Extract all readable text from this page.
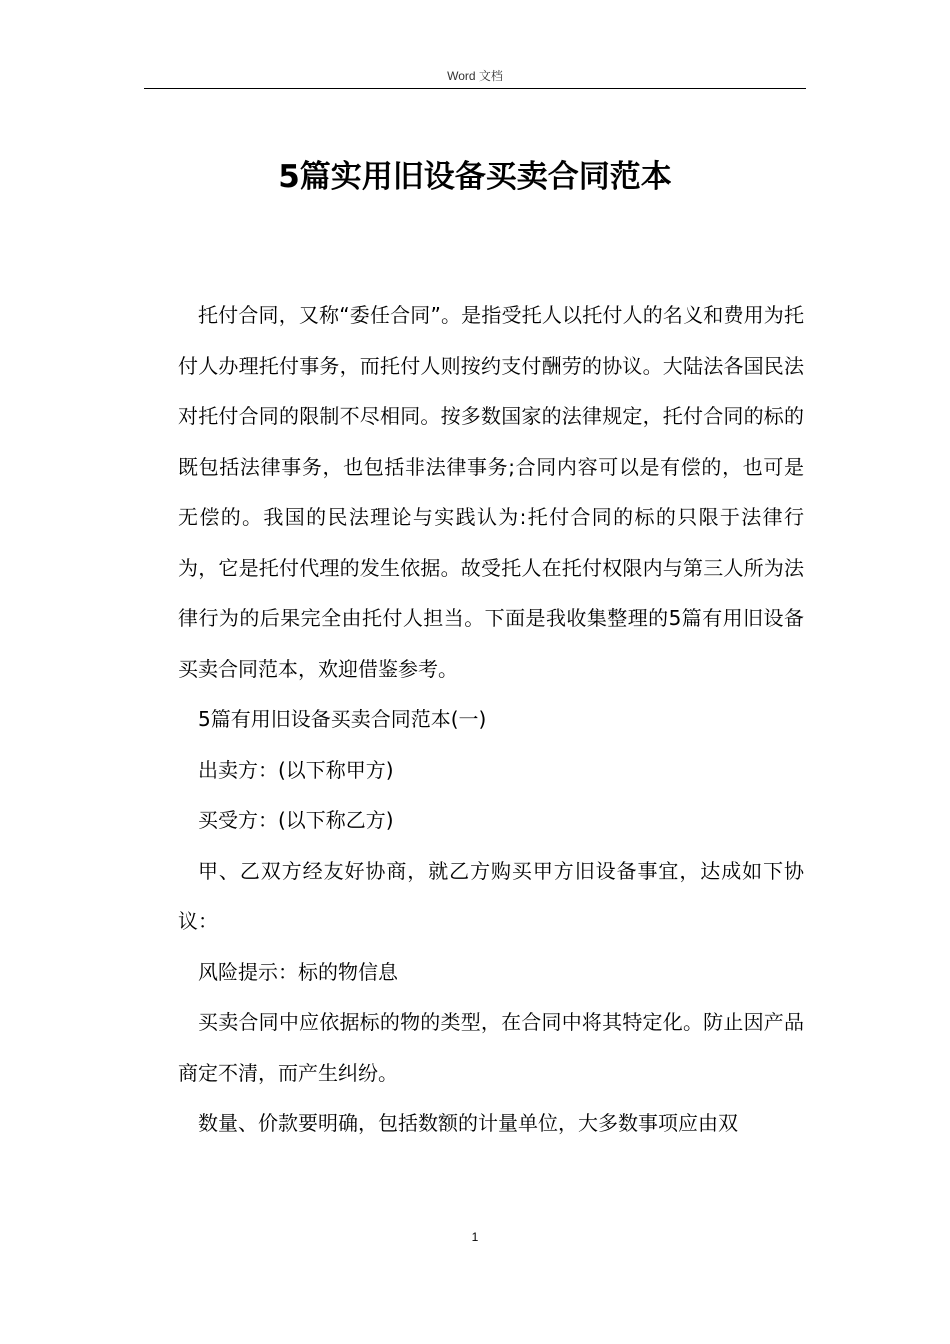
Word 文档
5篇实用旧设备买卖合同范本

托付合同，又称“委任合同”。是指受托人以托付人的名义和费用为托付人办理托付事务，而托付人则按约支付酬劳的协议。大陆法各国民法对托付合同的限制不尽相同。按多数国家的法律规定，托付合同的标的既包括法律事务，也包括非法律事务;合同内容可以是有偿的，也可是无偿的。我国的民法理论与实践认为:托付合同的标的只限于法律行为，它是托付代理的发生依据。故受托人在托付权限内与第三人所为法律行为的后果完全由托付人担当。下面是我收集整理的5篇有用旧设备买卖合同范本，欢迎借鉴参考。

5篇有用旧设备买卖合同范本(一)

出卖方：(以下称甲方)

买受方：(以下称乙方)

甲、乙双方经友好协商，就乙方购买甲方旧设备事宜，达成如下协议：

风险提示：标的物信息

买卖合同中应依据标的物的类型，在合同中将其特定化。防止因产品商定不清，而产生纠纷。

数量、价款要明确，包括数额的计量单位，大多数事项应由双

1
